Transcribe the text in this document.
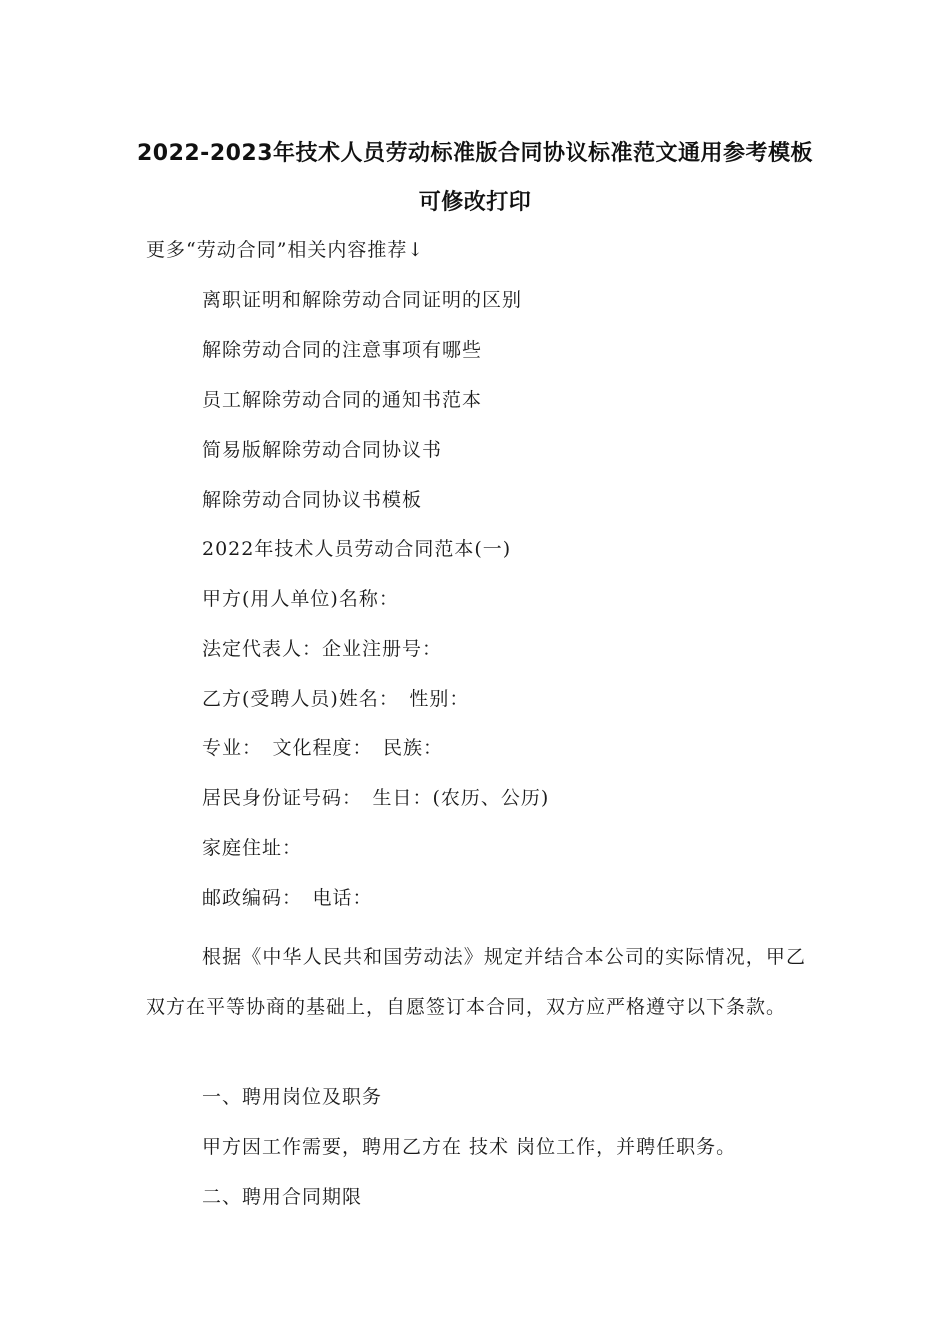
2022-2023年技术人员劳动标准版合同协议标准范文通用参考模板
可修改打印
更多“劳动合同”相关内容推荐↓
离职证明和解除劳动合同证明的区别
解除劳动合同的注意事项有哪些
员工解除劳动合同的通知书范本
简易版解除劳动合同协议书
解除劳动合同协议书模板
2022年技术人员劳动合同范本(一)
甲方(用人单位)名称：
法定代表人：企业注册号：
乙方(受聘人员)姓名：　性别：
专业：　文化程度：　民族：
居民身份证号码：　生日：(农历、公历)
家庭住址：
邮政编码：　电话：
根据《中华人民共和国劳动法》规定并结合本公司的实际情况，甲乙双方在平等协商的基础上，自愿签订本合同，双方应严格遵守以下条款。
一、聘用岗位及职务
甲方因工作需要，聘用乙方在 技术 岗位工作，并聘任职务。
二、聘用合同期限
